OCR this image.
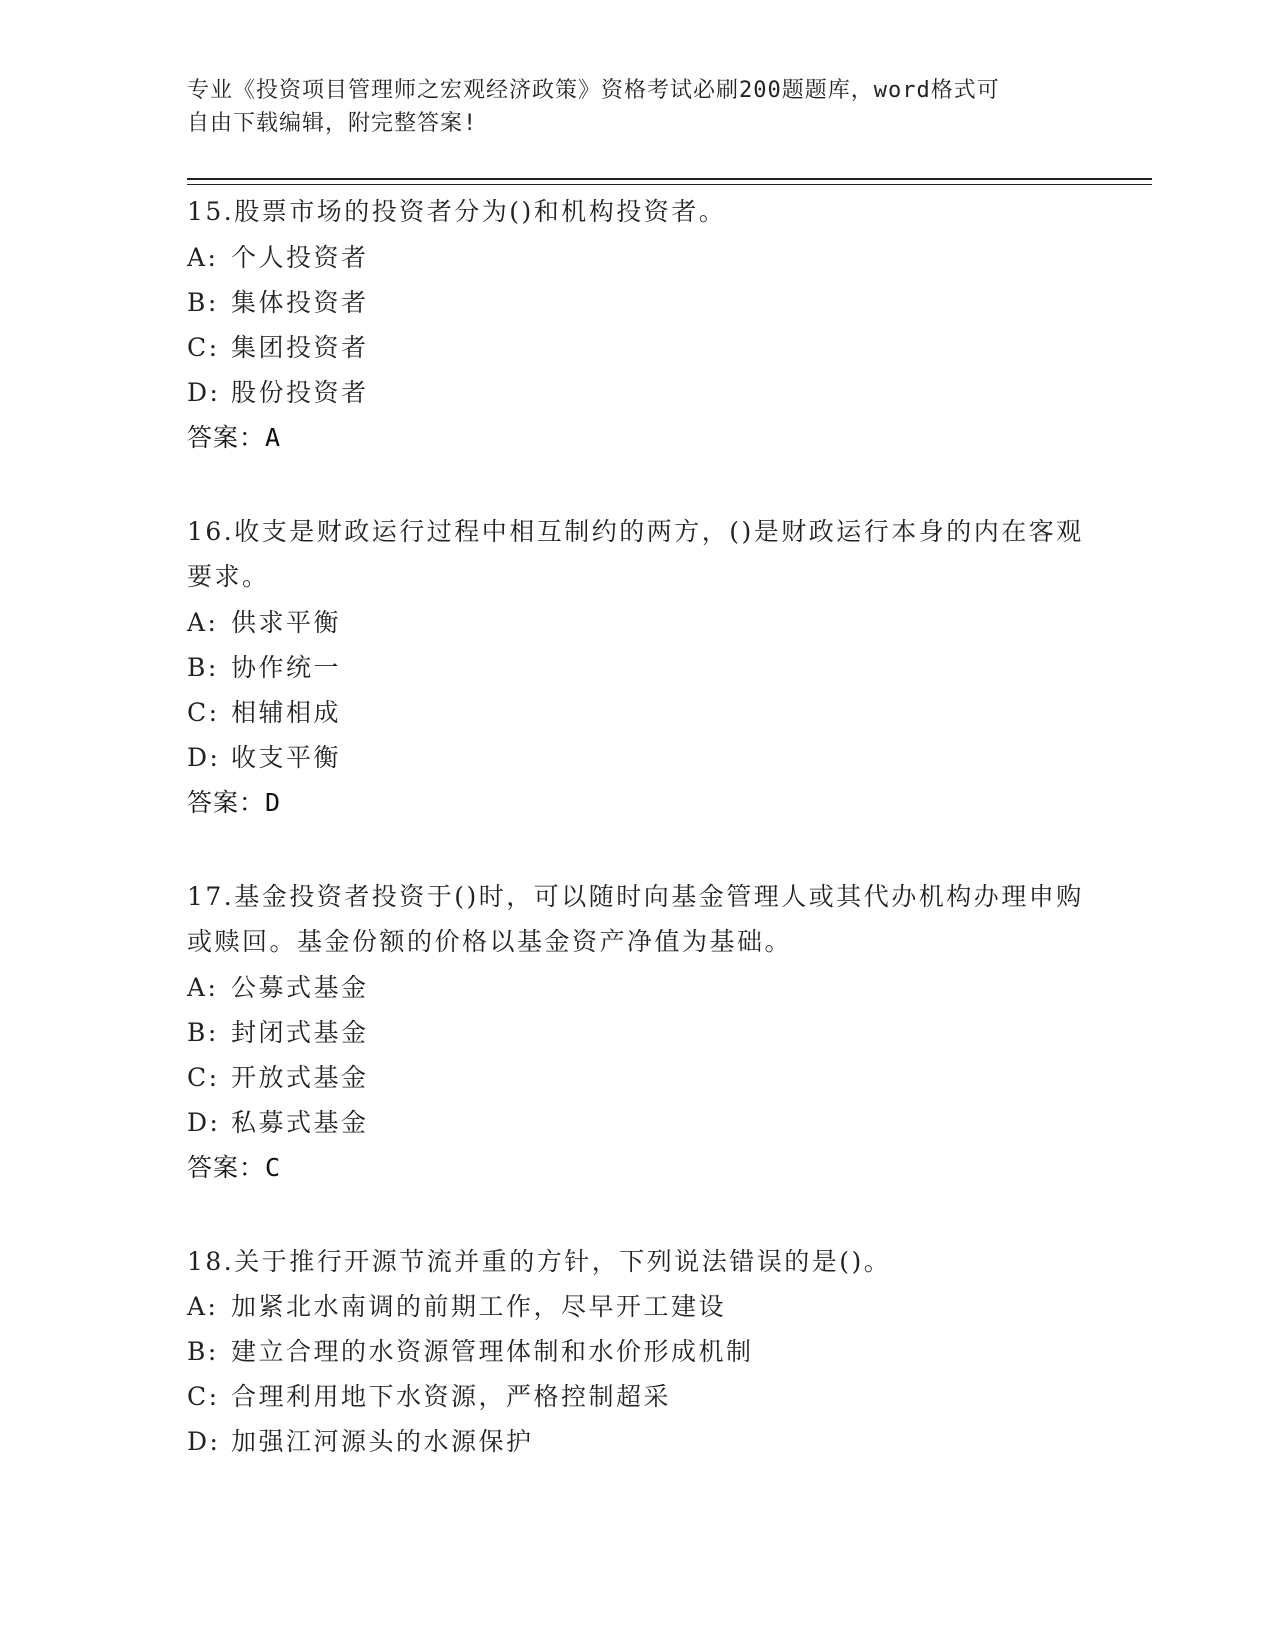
专业《投资项目管理师之宏观经济政策》资格考试必刷200题题库，word格式可
自由下载编辑，附完整答案!

15.股票市场的投资者分为()和机构投资者。

A: 个人投资者
B: 集体投资者
C: 集团投资者
D: 股份投资者

答案：A

16.收支是财政运行过程中相互制约的两方，()是财政运行本身的内在客观要求。

A: 供求平衡
B: 协作统一
C: 相辅相成
D: 收支平衡

答案：D

17.基金投资者投资于()时，可以随时向基金管理人或其代办机构办理申购或赎回。基金份额的价格以基金资产净值为基础。

A: 公募式基金
B: 封闭式基金
C: 开放式基金
D: 私募式基金

答案：C

18.关于推行开源节流并重的方针，下列说法错误的是()。

A: 加紧北水南调的前期工作，尽早开工建设
B: 建立合理的水资源管理体制和水价形成机制
C: 合理利用地下水资源，严格控制超采
D: 加强江河源头的水源保护
